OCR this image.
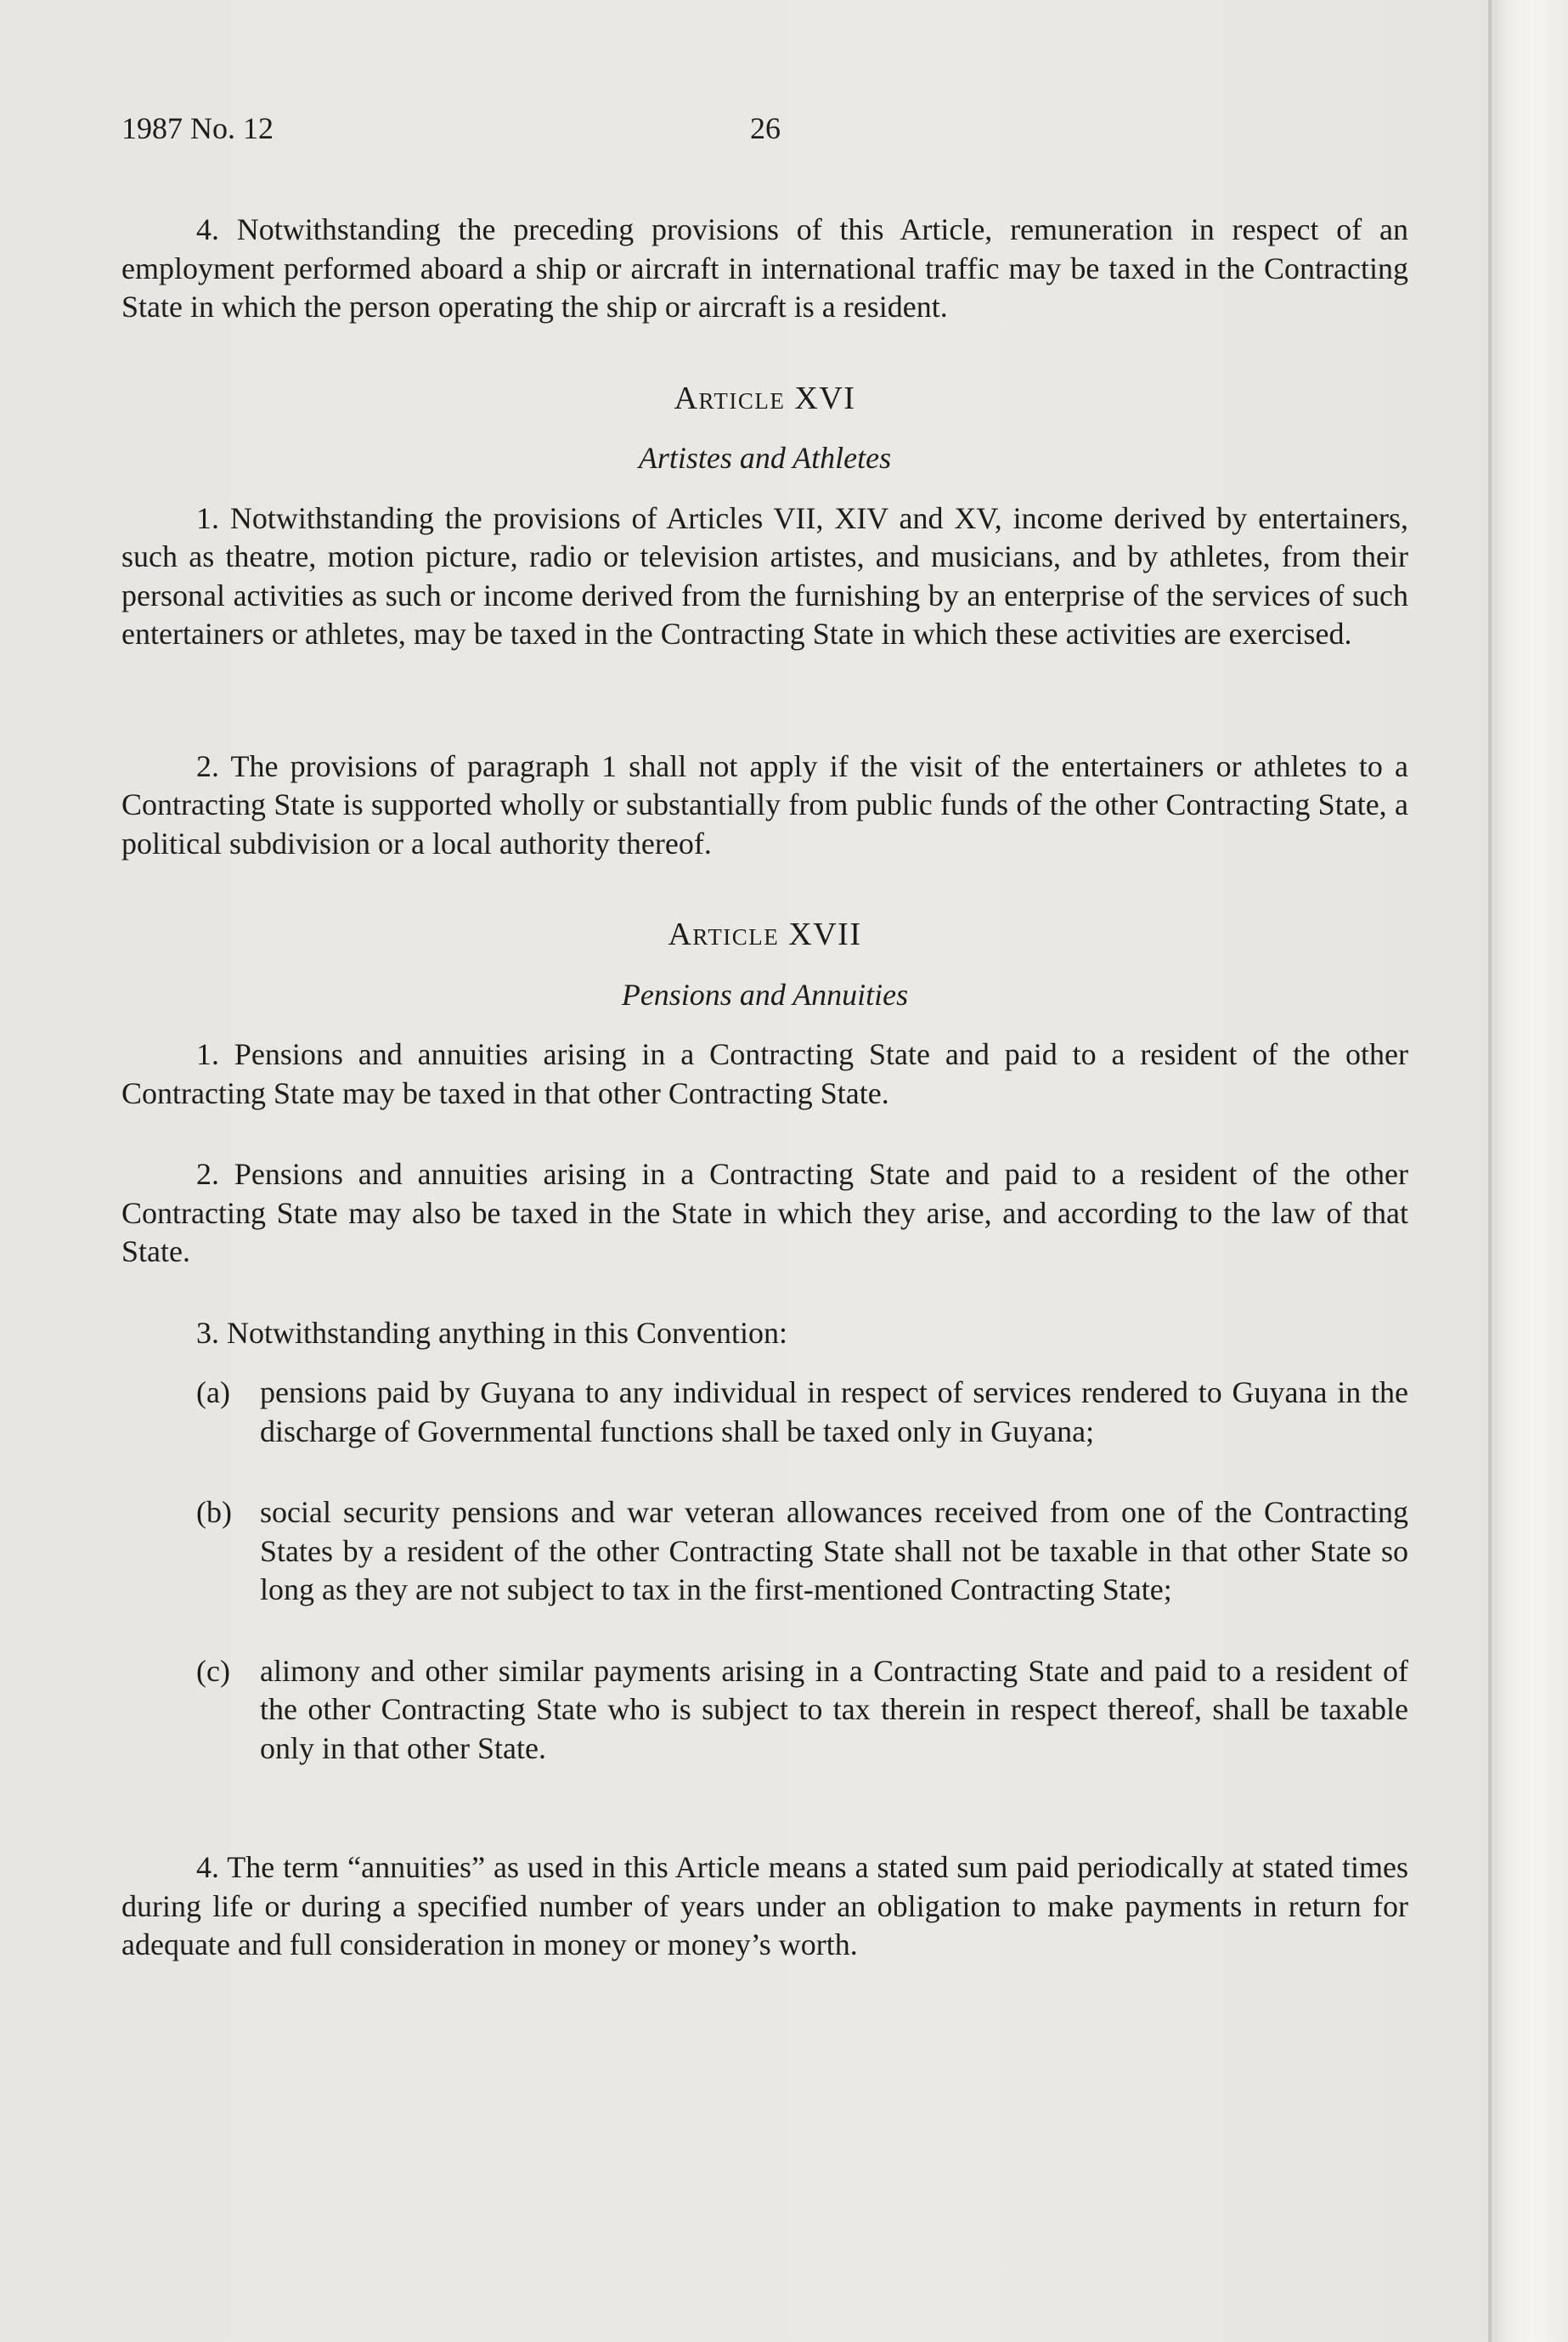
1987 No. 12	26

4. Notwithstanding the preceding provisions of this Article, remuneration in respect of an employment performed aboard a ship or aircraft in international traffic may be taxed in the Contracting State in which the person operating the ship or aircraft is a resident.

Article XVI

Artistes and Athletes

1. Notwithstanding the provisions of Articles VII, XIV and XV, income derived by entertainers, such as theatre, motion picture, radio or television artistes, and musicians, and by athletes, from their personal activities as such or income derived from the furnishing by an enterprise of the services of such entertainers or athletes, may be taxed in the Contracting State in which these activities are exercised.

2. The provisions of paragraph 1 shall not apply if the visit of the entertainers or athletes to a Contracting State is supported wholly or substantially from public funds of the other Contracting State, a political subdivision or a local authority thereof.

Article XVII

Pensions and Annuities

1. Pensions and annuities arising in a Contracting State and paid to a resident of the other Contracting State may be taxed in that other Contracting State.

2. Pensions and annuities arising in a Contracting State and paid to a resident of the other Contracting State may also be taxed in the State in which they arise, and according to the law of that State.

3. Notwithstanding anything in this Convention:

(a) pensions paid by Guyana to any individual in respect of services rendered to Guyana in the discharge of Governmental functions shall be taxed only in Guyana;

(b) social security pensions and war veteran allowances received from one of the Contracting States by a resident of the other Contracting State shall not be taxable in that other State so long as they are not subject to tax in the first-mentioned Contracting State;

(c) alimony and other similar payments arising in a Contracting State and paid to a resident of the other Contracting State who is subject to tax therein in respect thereof, shall be taxable only in that other State.

4. The term “annuities” as used in this Article means a stated sum paid periodically at stated times during life or during a specified number of years under an obligation to make payments in return for adequate and full consideration in money or money’s worth.
